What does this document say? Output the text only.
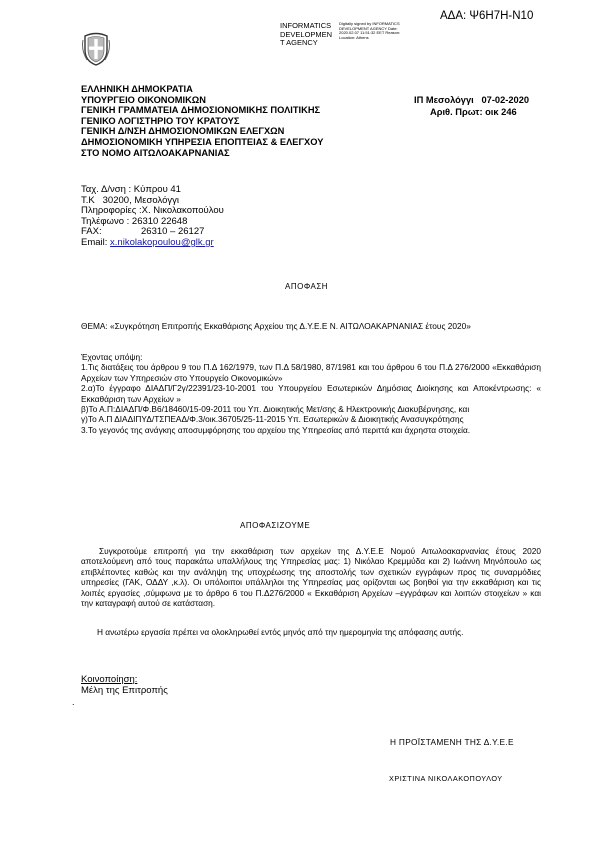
ΑΔΑ: Ψ6Η7Η-Ν10
INFORMATICS
DEVELOPMEN
T AGENCY
Digitally signed by INFORMATICS DEVELOPMENT AGENCY Date: 2020.02.07 11:51:32 EET Reason: Location: Athens
ΕΛΛΗΝΙΚΗ ΔΗΜΟΚΡΑΤΙΑ
ΥΠΟΥΡΓΕΙΟ ΟΙΚΟΝΟΜΙΚΩΝ
ΓΕΝΙΚΗ ΓΡΑΜΜΑΤΕΙΑ ΔΗΜΟΣΙΟΝΟΜΙΚΗΣ ΠΟΛΙΤΙΚΗΣ
ΓΕΝΙΚΟ ΛΟΓΙΣΤΗΡΙΟ ΤΟΥ ΚΡΑΤΟΥΣ
ΓΕΝΙΚΗ Δ/ΝΣΗ ΔΗΜΟΣΙΟΝΟΜΙΚΩΝ ΕΛΕΓΧΩΝ
ΔΗΜΟΣΙΟΝΟΜΙΚΗ ΥΠΗΡΕΣΙΑ ΕΠΟΠΤΕΙΑΣ & ΕΛΕΓΧΟΥ
ΣΤΟ ΝΟΜΟ ΑΙΤΩΛΟΑΚΑΡΝΑΝΙΑΣ
ΙΠ Μεσολόγγι   07-02-2020
Αριθ. Πρωτ: οικ 246
Ταχ. Δ/νση : Κύπρου 41
Τ.Κ   30200, Μεσολόγγι
Πληροφορίες :Χ. Νικολακοπούλου
Τηλέφωνο : 26310 22648
FAX:	26310 – 26127
Email: x.nikolakopoulou@glk.gr
ΑΠΟΦΑΣΗ
ΘΕΜΑ: «Συγκρότηση Επιτροπής Εκκαθάρισης Αρχείου της Δ.Υ.Ε.Ε Ν. ΑΙΤΩΛΟΑΚΑΡΝΑΝΙΑΣ έτους 2020»
Έχοντας υπόψη:
1.Τις διατάξεις του άρθρου 9 του Π.Δ 162/1979, των Π.Δ 58/1980, 87/1981 και του άρθρου 6 του Π.Δ 276/2000 «Εκκαθάριση Αρχείων των Υπηρεσιών στο Υπουργείο Οικονομικών»
2.α)Το έγγραφο ΔΙΑΔΠ/Γ2γ/22391/23-10-2001 του Υπουργείου Εσωτερικών Δημόσιας Διοίκησης και Αποκέντρωσης: « Εκκαθάριση των Αρχείων »
β)Το Α.Π:ΔΙΑΔΠ/Φ.Β6/18460/15-09-2011 του Υπ. Διοικητικής Μετ/σης & Ηλεκτρονικής Διακυβέρνησης, και
γ)Το Α.Π ΔΙΑΔΙΠΥΔ/ΤΣΠΕΑΔ/Φ.3/οικ.36705/25-11-2015 Υπ. Εσωτερικών & Διοικητικής Ανασυγκρότησης
3.Το γεγονός της ανάγκης αποσυμφόρησης του αρχείου της Υπηρεσίας από περιττά και άχρηστα στοιχεία.
ΑΠΟΦΑΣΙΖΟΥΜΕ
Συγκροτούμε επιτροπή για την εκκαθάριση των αρχείων της Δ.Υ.Ε.Ε Νομού Αιτωλοακαρνανίας έτους 2020 αποτελούμενη από τους παρακάτω υπαλλήλους της Υπηρεσίας μας: 1) Νικόλαο Κρεμμύδα και 2) Ιωάννη Μηνόπουλο ως επιβλέποντες καθώς και την ανάληψη της υποχρέωσης της αποστολής των σχετικών εγγράφων προς τις συναρμόδιες υπηρεσίες (ΓΑΚ, ΟΔΔΥ ,κ.λ). Οι υπόλοιποι υπάλληλοι της Υπηρεσίας μας ορίζονται ως βοηθοί για την εκκαθάριση και τις λοιπές εργασίες ,σύμφωνα με το άρθρο 6 του Π.Δ276/2000 « Εκκαθάριση Αρχείων –εγγράφων και λοιπών στοιχείων » και την καταγραφή αυτού σε κατάσταση.
Η ανωτέρω εργασία πρέπει να ολοκληρωθεί εντός μηνός από την ημερομηνία της απόφασης αυτής.
Κοινοποίηση:
Μέλη της Επιτροπής
.
Η ΠΡΟΪΣΤΑΜΕΝΗ ΤΗΣ Δ.Υ.Ε.Ε
ΧΡΙΣΤΙΝΑ ΝΙΚΟΛΑΚΟΠΟΥΛΟΥ
